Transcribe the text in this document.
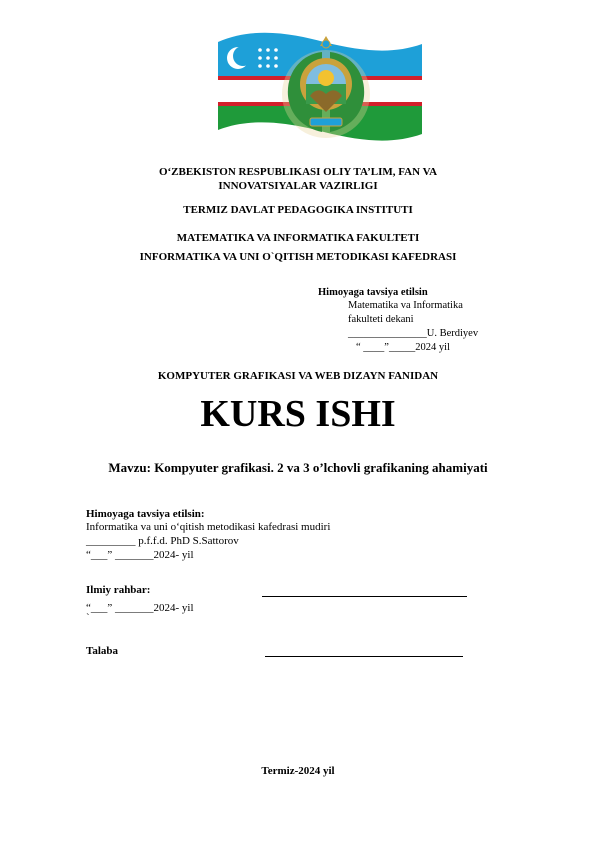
O‘ZBEKISTON RESPUBLIKASI OLIY TA’LIM, FAN VA
INNOVATSIYALAR VAZIRLIGI
TERMIZ DAVLAT PEDAGOGIKA INSTITUTI
MATEMATIKA VA INFORMATIKA FAKULTETI
INFORMATIKA VA UNI O`QITISH METODIKASI KAFEDRASI
Himoyaga tavsiya etilsin
Matematika va Informatika
fakulteti dekani
_______________U. Berdiyev
“ ____”_____2024 yil
KOMPYUTER GRAFIKASI VA WEB DIZAYN FANIDAN
KURS ISHI
Mavzu: Kompyuter grafikasi. 2 va 3 o’lchovli grafikaning ahamiyati
Himoyaga tavsiya etilsin:
Informatika va uni o‘qitish metodikasi kafedrasi mudiri
_________ p.f.f.d. PhD S.Sattorov
“___” _______2024- yil
Ilmiy rahbar:
“___” _______2024- yil
`
Talaba
Termiz-2024 yil
